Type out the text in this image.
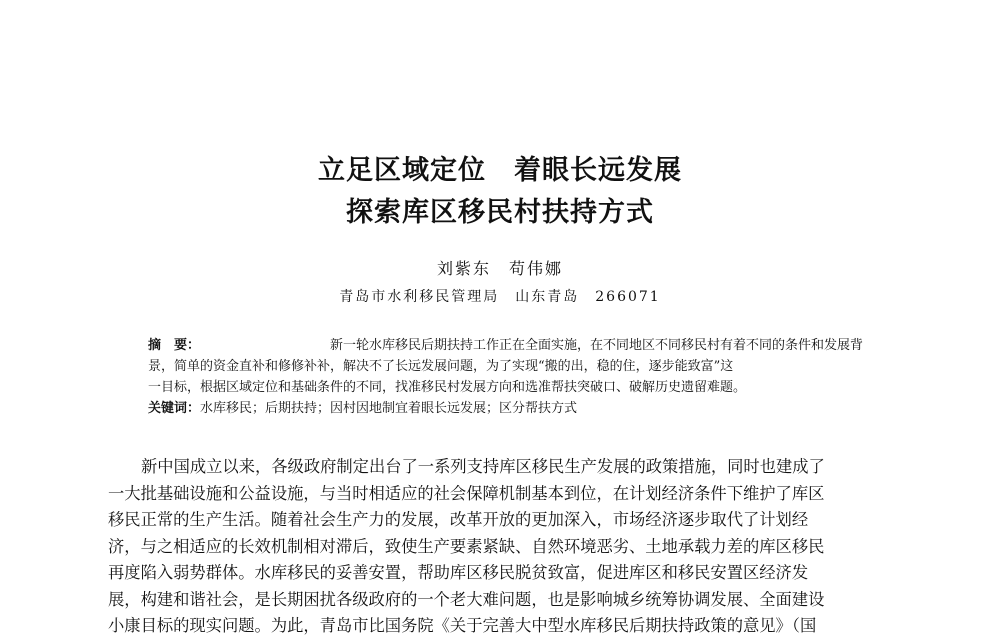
立足区域定位　着眼长远发展
探索库区移民村扶持方式
刘紫东　苟伟娜
青岛市水利移民管理局　山东青岛　266071
摘　要：	新一轮水库移民后期扶持工作正在全面实施，在不同地区不同移民村有着不同的条件和发展背
景，简单的资金直补和修修补补，解决不了长远发展问题，为了实现“搬的出，稳的住，逐步能致富”这
一目标，根据区域定位和基础条件的不同，找准移民村发展方向和选准帮扶突破口、破解历史遗留难题。
关键词： 水库移民；后期扶持；因村因地制宜着眼长远发展；区分帮扶方式
新中国成立以来，各级政府制定出台了一系列支持库区移民生产发展的政策措施，同时也建成了
一大批基础设施和公益设施，与当时相适应的社会保障机制基本到位，在计划经济条件下维护了库区
移民正常的生产生活。随着社会生产力的发展，改革开放的更加深入，市场经济逐步取代了计划经
济，与之相适应的长效机制相对滞后，致使生产要素紧缺、自然环境恶劣、土地承载力差的库区移民
再度陷入弱势群体。水库移民的妥善安置，帮助库区移民脱贫致富，促进库区和移民安置区经济发
展，构建和谐社会，是长期困扰各级政府的一个老大难问题，也是影响城乡统筹协调发展、全面建设
小康目标的现实问题。为此，青岛市比国务院《关于完善大中型水库移民后期扶持政策的意见》（国
